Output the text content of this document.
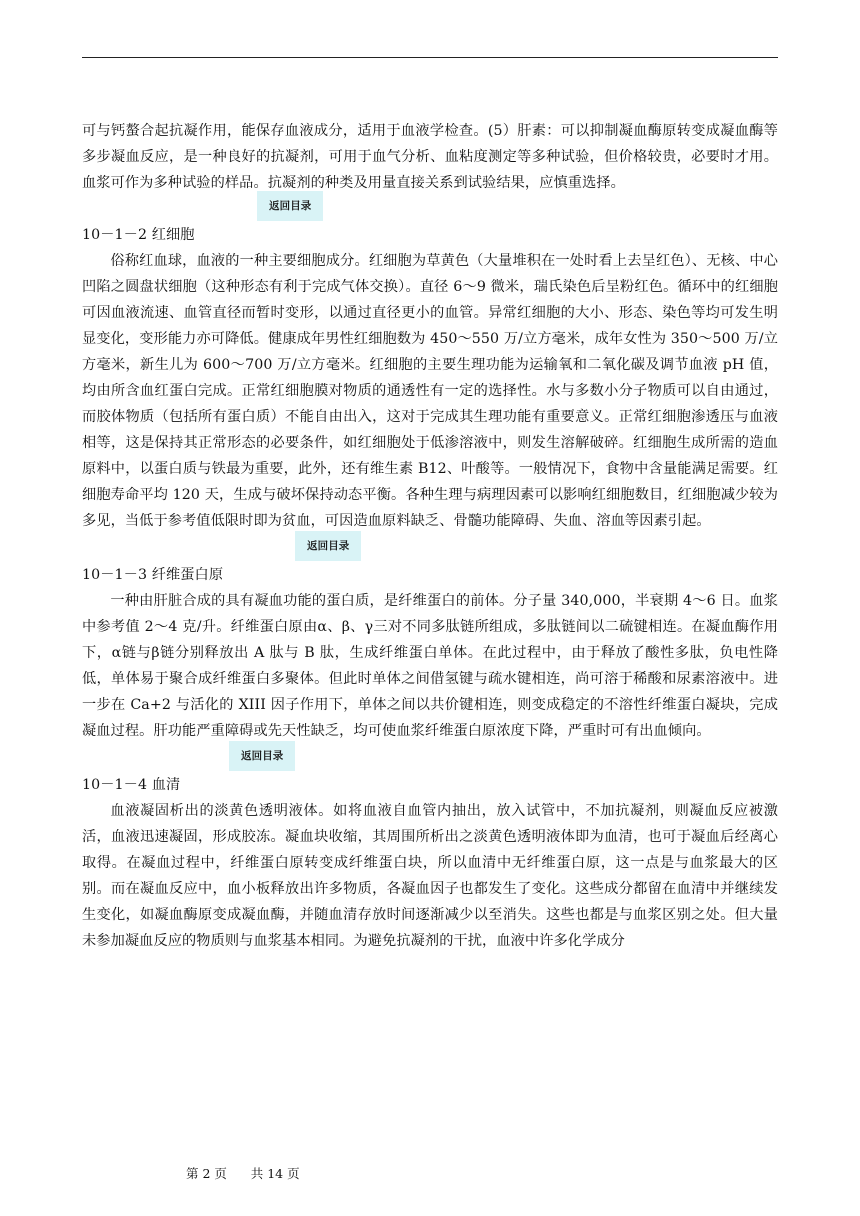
可与钙螯合起抗凝作用，能保存血液成分，适用于血液学检查。(5）肝素：可以抑制凝血酶原转变成凝血酶等多步凝血反应，是一种良好的抗凝剂，可用于血气分析、血粘度测定等多种试验，但价格较贵，必要时才用。血浆可作为多种试验的样品。抗凝剂的种类及用量直接关系到试验结果，应慎重选择。

10－1－2 红细胞
返回目录

俗称红血球，血液的一种主要细胞成分。红细胞为草黄色（大量堆积在一处时看上去呈红色）、无核、中心凹陷之圆盘状细胞（这种形态有利于完成气体交换）。直径 6～9 微米，瑞氏染色后呈粉红色。循环中的红细胞可因血液流速、血管直径而暂时变形，以通过直径更小的血管。异常红细胞的大小、形态、染色等均可发生明显变化，变形能力亦可降低。健康成年男性红细胞数为 450～550 万/立方毫米，成年女性为 350～500 万/立方毫米，新生儿为 600～700 万/立方毫米。红细胞的主要生理功能为运输氧和二氧化碳及调节血液 pH 值，均由所含血红蛋白完成。正常红细胞膜对物质的通透性有一定的选择性。水与多数小分子物质可以自由通过，而胶体物质（包括所有蛋白质）不能自由出入，这对于完成其生理功能有重要意义。正常红细胞渗透压与血液相等，这是保持其正常形态的必要条件，如红细胞处于低渗溶液中，则发生溶解破碎。红细胞生成所需的造血原料中，以蛋白质与铁最为重要，此外，还有维生素 B12、叶酸等。一般情况下，食物中含量能满足需要。红细胞寿命平均 120 天，生成与破坏保持动态平衡。各种生理与病理因素可以影响红细胞数目，红细胞减少较为多见，当低于参考值低限时即为贫血，可因造血原料缺乏、骨髓功能障碍、失血、溶血等因素引起。

10－1－3 纤维蛋白原
返回目录

一种由肝脏合成的具有凝血功能的蛋白质，是纤维蛋白的前体。分子量 340,000，半衰期 4～6 日。血浆中参考值 2～4 克/升。纤维蛋白原由α、β、γ三对不同多肽链所组成，多肽链间以二硫键相连。在凝血酶作用下，α链与β链分别释放出 A 肽与 B 肽，生成纤维蛋白单体。在此过程中，由于释放了酸性多肽，负电性降低，单体易于聚合成纤维蛋白多聚体。但此时单体之间借氢键与疏水键相连，尚可溶于稀酸和尿素溶液中。进一步在 Ca+2 与活化的 XIII 因子作用下，单体之间以共价键相连，则变成稳定的不溶性纤维蛋白凝块，完成凝血过程。肝功能严重障碍或先天性缺乏，均可使血浆纤维蛋白原浓度下降，严重时可有出血倾向。

10－1－4 血清
返回目录

血液凝固析出的淡黄色透明液体。如将血液自血管内抽出，放入试管中，不加抗凝剂，则凝血反应被激活，血液迅速凝固，形成胶冻。凝血块收缩，其周围所析出之淡黄色透明液体即为血清，也可于凝血后经离心取得。在凝血过程中，纤维蛋白原转变成纤维蛋白块，所以血清中无纤维蛋白原，这一点是与血浆最大的区别。而在凝血反应中，血小板释放出许多物质，各凝血因子也都发生了变化。这些成分都留在血清中并继续发生变化，如凝血酶原变成凝血酶，并随血清存放时间逐渐减少以至消失。这些也都是与血浆区别之处。但大量未参加凝血反应的物质则与血浆基本相同。为避免抗凝剂的干扰，血液中许多化学成分

第 2 页      共 14 页
